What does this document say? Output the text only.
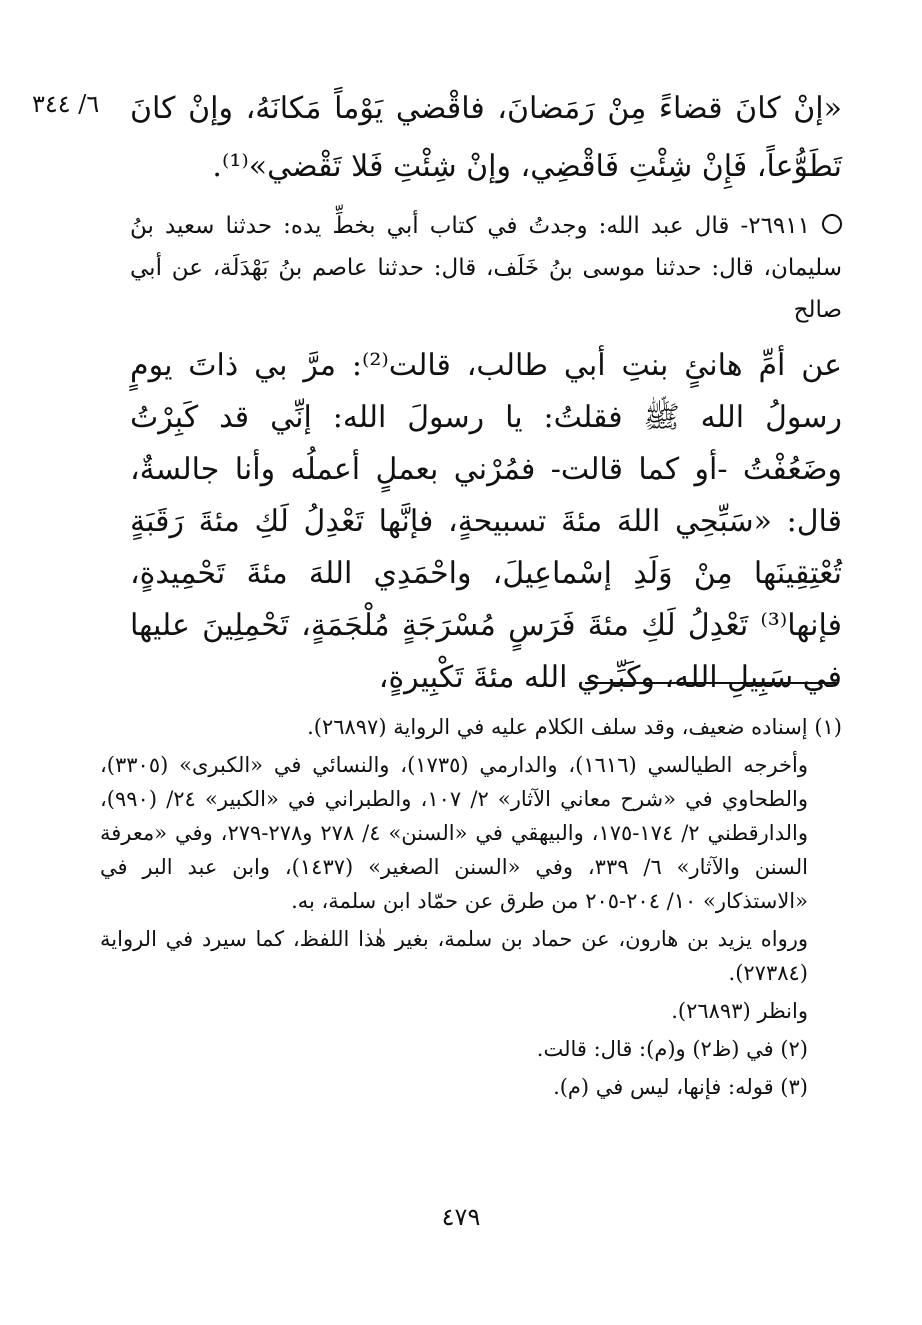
٦/ ٣٤٤ «إنْ كانَ قضاءً مِنْ رَمَضانَ، فاقْضي يَوْماً مَكانَهُ، وإنْ كانَ تَطَوُّعاً، فَإِنْ شِئْتِ فَاقْضِي، وإنْ شِئْتِ فَلا تَقْضي»⁽¹⁾.
٢٦٩١١- قال عبد الله: وجدتُ في كتاب أبي بخطِّ يده: حدثنا سعيد بنُ سليمان، قال: حدثنا موسى بنُ خَلَف، قال: حدثنا عاصم بنُ بَهْدَلَة، عن أبي صالح
عن أمِّ هانئٍ بنتِ أبي طالب، قالت⁽²⁾: مرَّ بي ذاتَ يومٍ رسولُ الله ﷺ فقلتُ: يا رسولَ الله: إنِّي قد كَبِرْتُ وضَعُفْتُ -أو كما قالت- فمُرْني بعملٍ أعملُه وأنا جالسةٌ، قال: «سَبِّحِي اللهَ مئةَ تسبيحةٍ، فإنَّها تَعْدِلُ لَكِ مئةَ رَقَبَةٍ تُعْتِقِينَها مِنْ وَلَدِ إسْماعِيلَ، واحْمَدِي اللهَ مئةَ تَحْمِيدةٍ، فإنها⁽³⁾ تَعْدِلُ لَكِ مئةَ فَرَسٍ مُسْرَجَةٍ مُلْجَمَةٍ، تَحْمِلِينَ عليها في سَبِيلِ الله، وكَبِّري الله مئةَ تَكْبِيرةٍ،

(١) إسناده ضعيف، وقد سلف الكلام عليه في الرواية (٢٦٨٩٧).

وأخرجه الطيالسي (١٦١٦)، والدارمي (١٧٣٥)، والنسائي في «الكبرى» (٣٣٠٥)، والطحاوي في «شرح معاني الآثار» ٢/ ١٠٧، والطبراني في «الكبير» ٢٤/ (٩٩٠)، والدارقطني ٢/ ١٧٤-١٧٥، والبيهقي في «السنن» ٤/ ٢٧٨ و٢٧٨-٢٧٩، وفي «معرفة السنن والآثار» ٦/ ٣٣٩، وفي «السنن الصغير» (١٤٣٧)، وابن عبد البر في «الاستذكار» ١٠/ ٢٠٤-٢٠٥ من طرق عن حمّاد ابن سلمة، به.

ورواه يزيد بن هارون، عن حماد بن سلمة، بغير هٰذا اللفظ، كما سيرد في الرواية (٢٧٣٨٤).

وانظر (٢٦٨٩٣).

(٢) في (ظ٢) و(م): قال: قالت.

(٣) قوله: فإنها، ليس في (م).

٤٧٩
